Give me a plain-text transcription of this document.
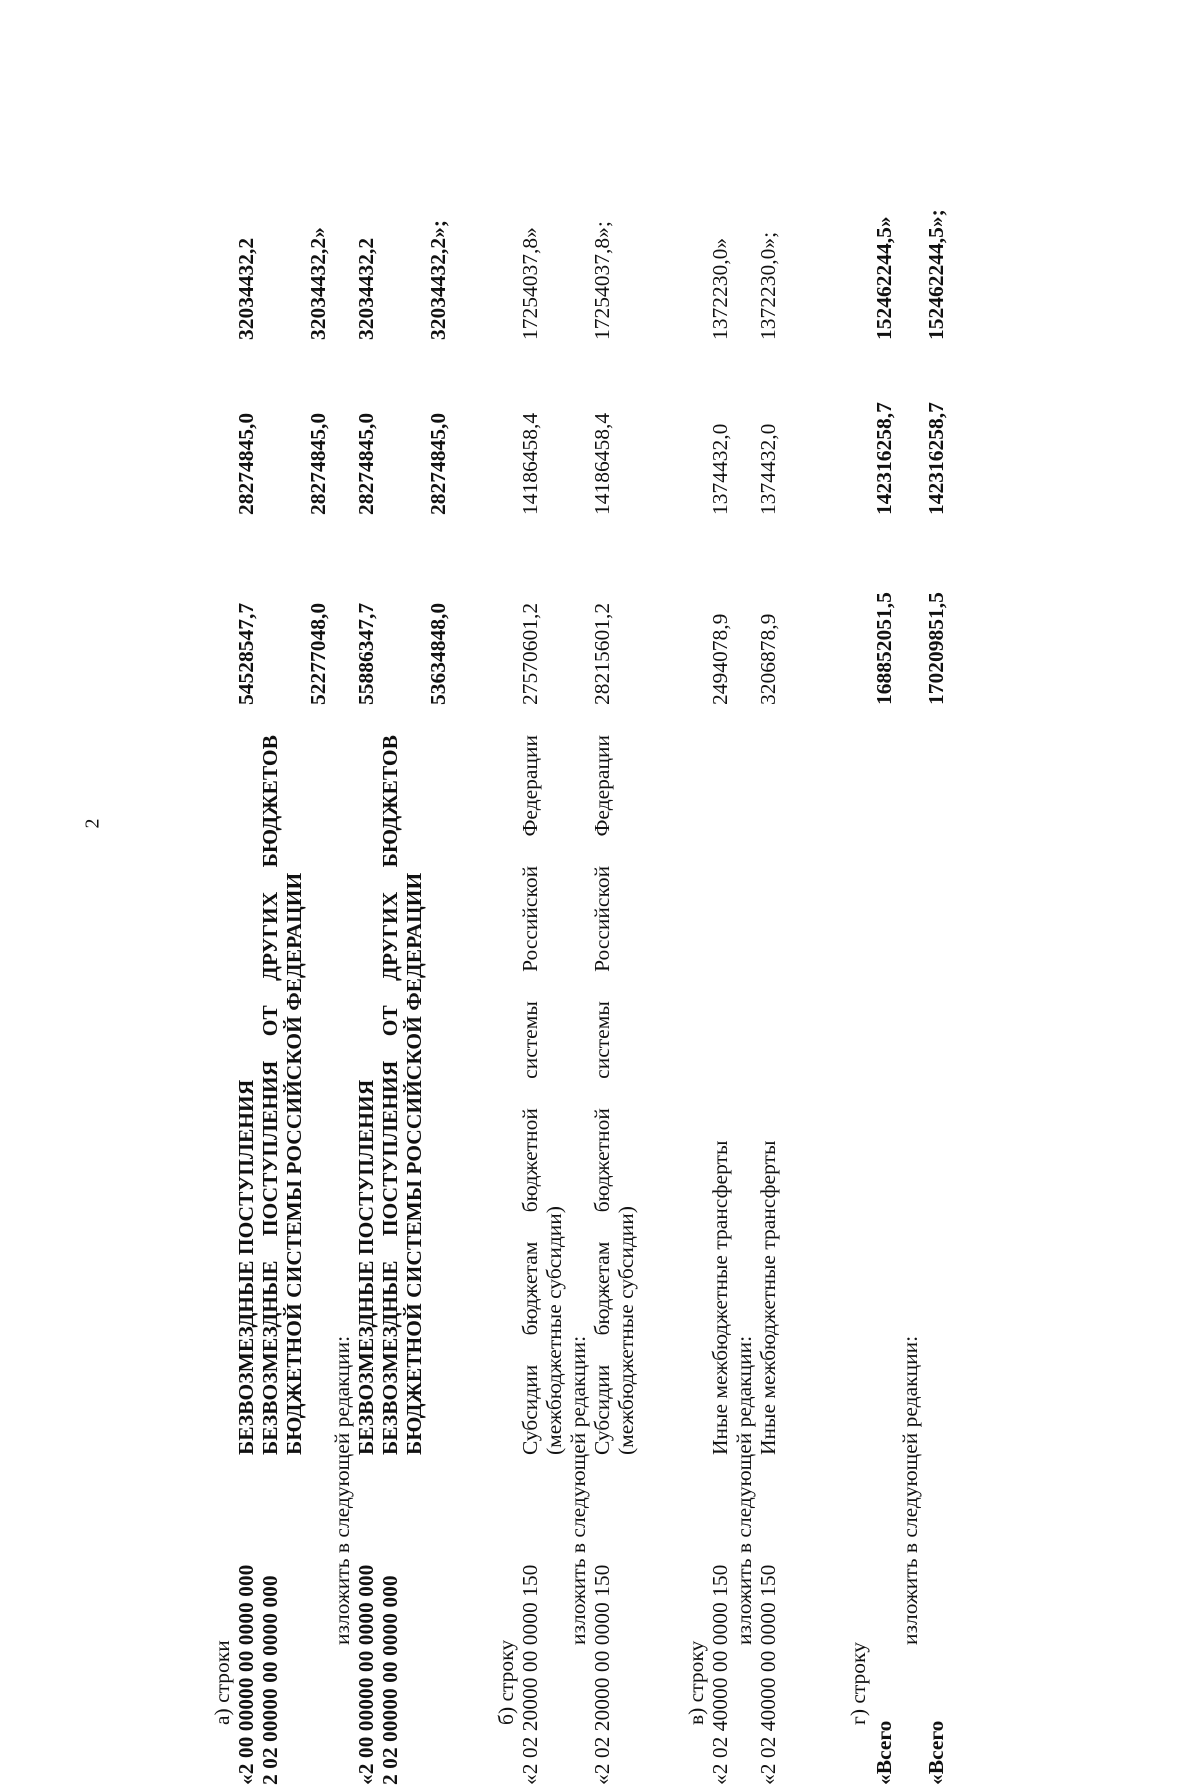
2
а) строки «2 00 00000 00 0000 000
БЕЗВОЗМЕЗДНЫЕ ПОСТУПЛЕНИЯ
54528547,7
28274845,0
32034432,2
2 02 00000 00 0000 000
БЕЗВОЗМЕЗДНЫЕ ПОСТУПЛЕНИЯ ОТ ДРУГИХ БЮДЖЕТОВ БЮДЖЕТНОЙ СИСТЕМЫ РОССИЙСКОЙ ФЕДЕРАЦИИ
52277048,0
28274845,0
32034432,2»
изложить в следующей редакции:
«2 00 00000 00 0000 000
БЕЗВОЗМЕЗДНЫЕ ПОСТУПЛЕНИЯ
55886347,7
28274845,0
32034432,2
2 02 00000 00 0000 000
БЕЗВОЗМЕЗДНЫЕ ПОСТУПЛЕНИЯ ОТ ДРУГИХ БЮДЖЕТОВ БЮДЖЕТНОЙ СИСТЕМЫ РОССИЙСКОЙ ФЕДЕРАЦИИ
53634848,0
28274845,0
32034432,2»;
б) строку «2 02 20000 00 0000 150
Субсидии бюджетам бюджетной системы Российской Федерации (межбюджетные субсидии)
27570601,2
14186458,4
17254037,8»
изложить в следующей редакции:
«2 02 20000 00 0000 150
Субсидии бюджетам бюджетной системы Российской Федерации (межбюджетные субсидии)
28215601,2
14186458,4
17254037,8»;
в) строку «2 02 40000 00 0000 150
Иные межбюджетные трансферты
2494078,9
1374432,0
1372230,0»
изложить в следующей редакции:
«2 02 40000 00 0000 150
Иные межбюджетные трансферты
3206878,9
1374432,0
1372230,0»;
г) строку
«Всего
168852051,5
142316258,7
152462244,5»
изложить в следующей редакции:
«Всего
170209851,5
142316258,7
152462244,5»;
